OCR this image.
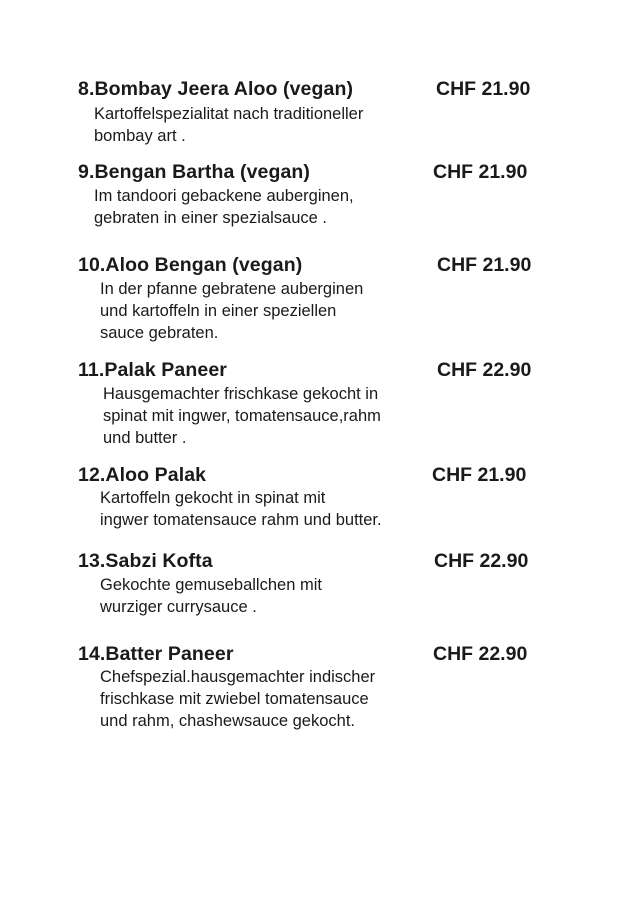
8.Bombay Jeera Aloo (vegan)	CHF 21.90
Kartoffelspezialitat nach traditioneller
bombay art .
9.Bengan Bartha (vegan)	CHF 21.90
Im tandoori gebackene auberginen,
gebraten in einer spezialsauce .
10.Aloo Bengan (vegan)	CHF 21.90
In der pfanne gebratene auberginen
und kartoffeln in einer speziellen
sauce gebraten.
11.Palak Paneer	CHF 22.90
Hausgemachter frischkase gekocht in
spinat mit ingwer, tomatensauce,rahm
und butter .
12.Aloo Palak	CHF 21.90
Kartoffeln gekocht in spinat mit
ingwer tomatensauce rahm und butter.
13.Sabzi Kofta	CHF 22.90
Gekochte gemuseballchen mit
wurziger currysauce .
14.Batter Paneer	CHF 22.90
Chefspezial.hausgemachter indischer
frischkase mit zwiebel tomatensauce
und rahm, chashewsauce gekocht.
